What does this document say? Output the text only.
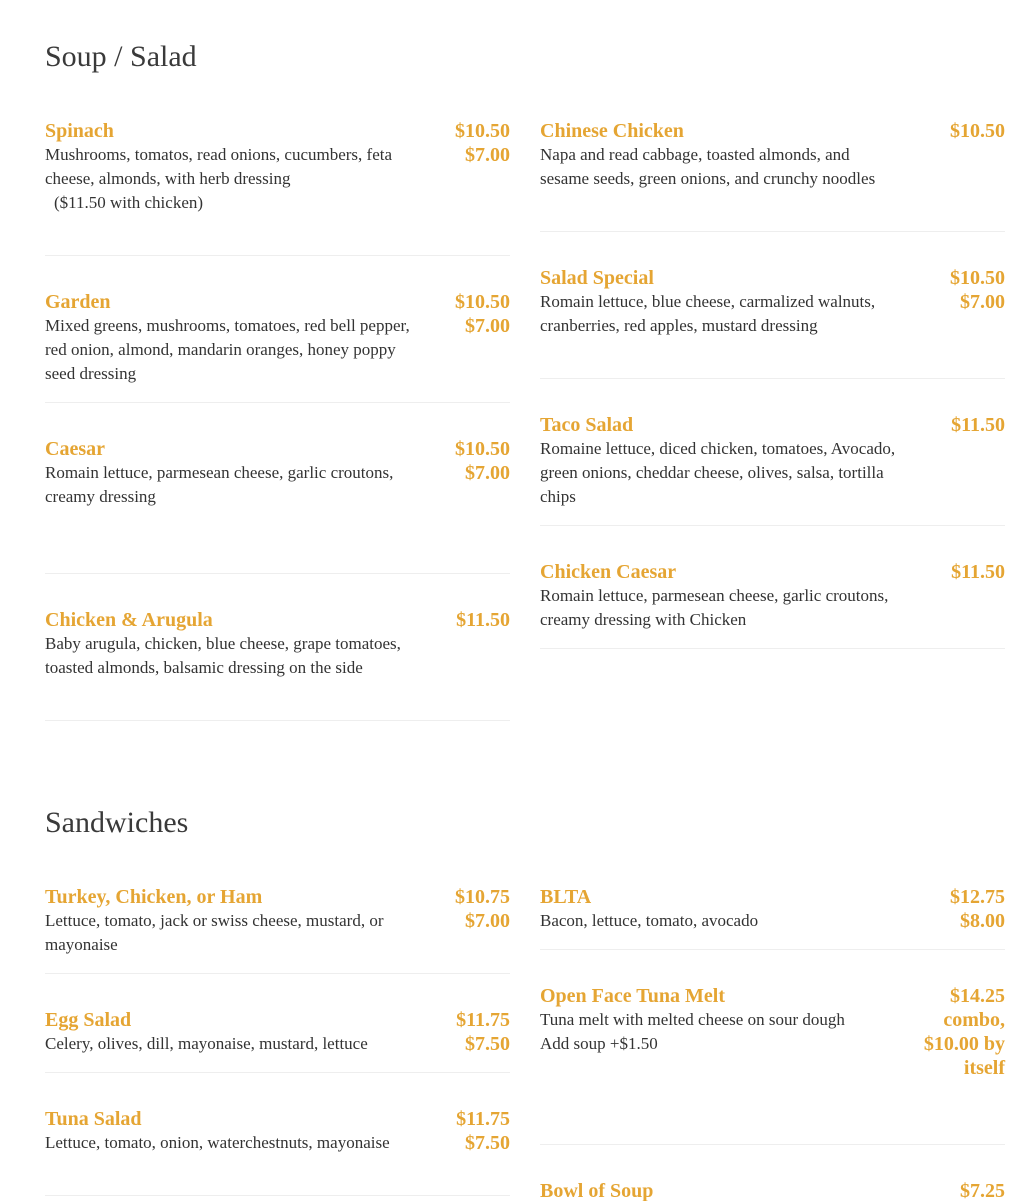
Soup / Salad
Spinach	$10.50
$7.00

Mushrooms, tomatos, read onions, cucumbers, feta cheese, almonds, with herb dressing

($11.50 with chicken)

Chinese Chicken	$10.50

Napa and read cabbage, toasted almonds, and sesame seeds, green onions, and crunchy noodles

Garden	$10.50
$7.00

Mixed greens, mushrooms, tomatoes, red bell pepper, red onion, almond, mandarin oranges, honey poppy seed dressing

Salad Special	$10.50
$7.00

Romain lettuce, blue cheese, carmalized walnuts, cranberries, red apples, mustard dressing

Caesar	$10.50
$7.00

Romain lettuce, parmesean cheese, garlic croutons, creamy dressing

Taco Salad	$11.50

Romaine lettuce, diced chicken, tomatoes, Avocado, green onions, cheddar cheese, olives, salsa, tortilla chips

Chicken Caesar	$11.50

Romain lettuce, parmesean cheese, garlic croutons, creamy dressing with Chicken

Chicken & Arugula	$11.50

Baby arugula, chicken, blue cheese, grape tomatoes, toasted almonds, balsamic dressing on the side

Sandwiches
Turkey, Chicken, or Ham	$10.75
$7.00

Lettuce, tomato, jack or swiss cheese, mustard, or mayonaise

BLTA	$12.75
$8.00

Bacon, lettuce, tomato, avocado

Egg Salad	$11.75
$7.50

Celery, olives, dill, mayonaise, mustard, lettuce

Open Face Tuna Melt	$14.25
combo,
$10.00 by
itself

Tuna melt with melted cheese on sour dough

Add soup +$1.50

Tuna Salad	$11.75
$7.50

Lettuce, tomato, onion, waterchestnuts, mayonaise

Bowl of Soup	$7.25
